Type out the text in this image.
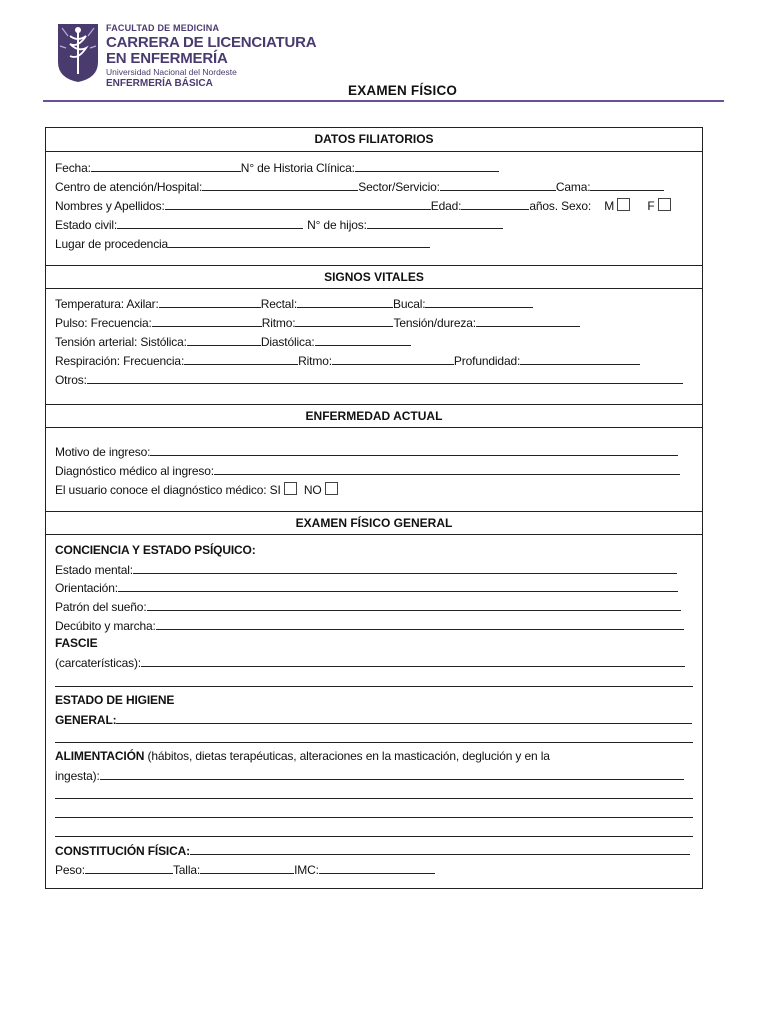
FACULTAD DE MEDICINA
CARRERA DE LICENCIATURA
EN ENFERMERÍA
Universidad Nacional del Nordeste
ENFERMERÍA BÁSICA	EXAMEN FÍSICO
DATOS FILIATORIOS
Fecha:	N° de Historia Clínica:
Centro de atención/Hospital:	Sector/Servicio:	Cama:
Nombres y Apellidos:	Edad:	años. Sexo: M	F
Estado civil:	N° de hijos:
Lugar de procedencia
SIGNOS VITALES
Temperatura: Axilar:	Rectal:	Bucal:
Pulso: Frecuencia:	Ritmo:	Tensión/dureza:
Tensión arterial: Sistólica:	Diastólica:
Respiración: Frecuencia:	Ritmo:	Profundidad:
Otros:
ENFERMEDAD ACTUAL
Motivo de ingreso:
Diagnóstico médico al ingreso:
El usuario conoce el diagnóstico médico: SI NO
EXAMEN FÍSICO GENERAL
CONCIENCIA Y ESTADO PSÍQUICO:
Estado mental:
Orientación:
Patrón del sueño:
Decúbito y marcha:
FASCIE
(carcaterísticas):
ESTADO DE HIGIENE
GENERAL:
ALIMENTACIÓN (hábitos, dietas terapéuticas, alteraciones en la masticación, deglución y en la
ingesta):
CONSTITUCIÓN FÍSICA:
Peso:	Talla:	IMC:
